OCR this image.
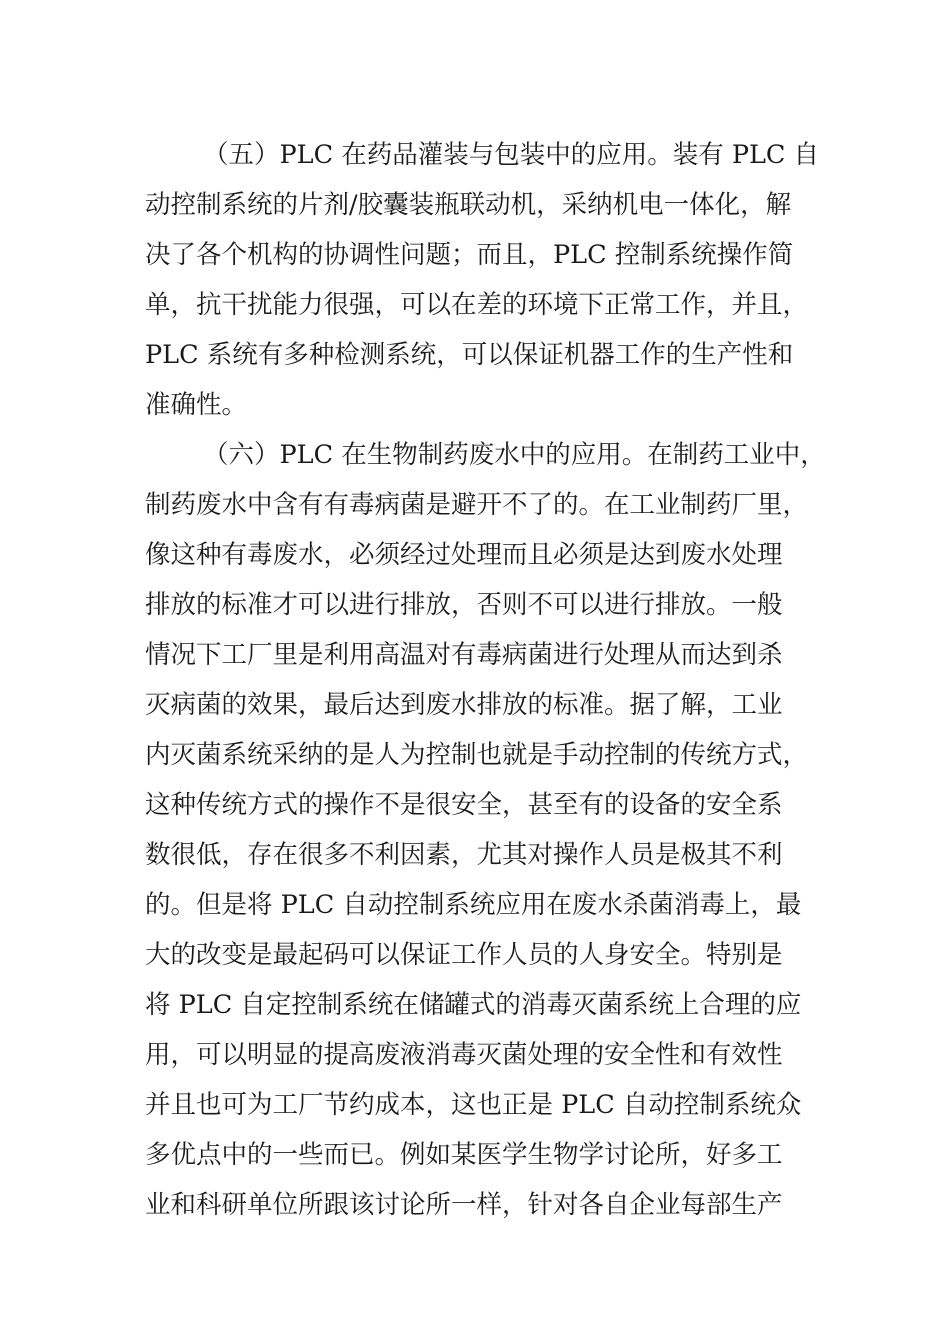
（五）PLC 在药品灌装与包装中的应用。装有 PLC 自
动控制系统的片剂/胶囊装瓶联动机，采纳机电一体化，解
决了各个机构的协调性问题；而且，PLC 控制系统操作简
单，抗干扰能力很强，可以在差的环境下正常工作，并且，
PLC 系统有多种检测系统，可以保证机器工作的生产性和
准确性。
（六）PLC 在生物制药废水中的应用。在制药工业中，
制药废水中含有有毒病菌是避开不了的。在工业制药厂里，
像这种有毒废水，必须经过处理而且必须是达到废水处理
排放的标准才可以进行排放，否则不可以进行排放。一般
情况下工厂里是利用高温对有毒病菌进行处理从而达到杀
灭病菌的效果，最后达到废水排放的标准。据了解，工业
内灭菌系统采纳的是人为控制也就是手动控制的传统方式，
这种传统方式的操作不是很安全，甚至有的设备的安全系
数很低，存在很多不利因素，尤其对操作人员是极其不利
的。但是将 PLC 自动控制系统应用在废水杀菌消毒上，最
大的改变是最起码可以保证工作人员的人身安全。特别是
将 PLC 自定控制系统在储罐式的消毒灭菌系统上合理的应
用，可以明显的提高废液消毒灭菌处理的安全性和有效性
并且也可为工厂节约成本，这也正是 PLC 自动控制系统众
多优点中的一些而已。例如某医学生物学讨论所，好多工
业和科研单位所跟该讨论所一样，针对各自企业每部生产
